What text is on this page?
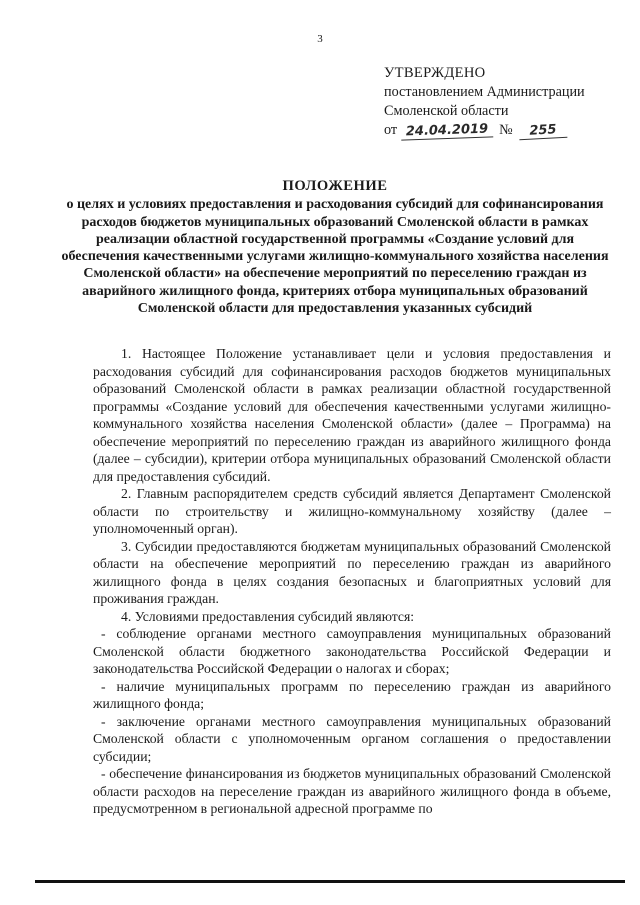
3
УТВЕРЖДЕНО
постановлением Администрации
Смоленской области
от 24.04.2019 №	255
ПОЛОЖЕНИЕ
о целях и условиях предоставления и расходования субсидий для софинансирования расходов бюджетов муниципальных образований Смоленской области в рамках реализации областной государственной программы «Создание условий для обеспечения качественными услугами жилищно-коммунального хозяйства населения Смоленской области» на обеспечение мероприятий по переселению граждан из аварийного жилищного фонда, критериях отбора муниципальных образований Смоленской области для предоставления указанных субсидий

1. Настоящее Положение устанавливает цели и условия предоставления и расходования субсидий для софинансирования расходов бюджетов муниципальных образований Смоленской области в рамках реализации областной государственной программы «Создание условий для обеспечения качественными услугами жилищно-коммунального хозяйства населения Смоленской области» (далее – Программа) на обеспечение мероприятий по переселению граждан из аварийного жилищного фонда (далее – субсидии), критерии отбора муниципальных образований Смоленской области для предоставления субсидий.

2. Главным распорядителем средств субсидий является Департамент Смоленской области по строительству и жилищно-коммунальному хозяйству (далее – уполномоченный орган).

3. Субсидии предоставляются бюджетам муниципальных образований Смоленской области на обеспечение мероприятий по переселению граждан из аварийного жилищного фонда в целях создания безопасных и благоприятных условий для проживания граждан.

4. Условиями предоставления субсидий являются:

- соблюдение органами местного самоуправления муниципальных образований Смоленской области бюджетного законодательства Российской Федерации и законодательства Российской Федерации о налогах и сборах;

- наличие муниципальных программ по переселению граждан из аварийного жилищного фонда;

- заключение органами местного самоуправления муниципальных образований Смоленской области с уполномоченным органом соглашения о предоставлении субсидии;

- обеспечение финансирования из бюджетов муниципальных образований Смоленской области расходов на переселение граждан из аварийного жилищного фонда в объеме, предусмотренном в региональной адресной программе по
